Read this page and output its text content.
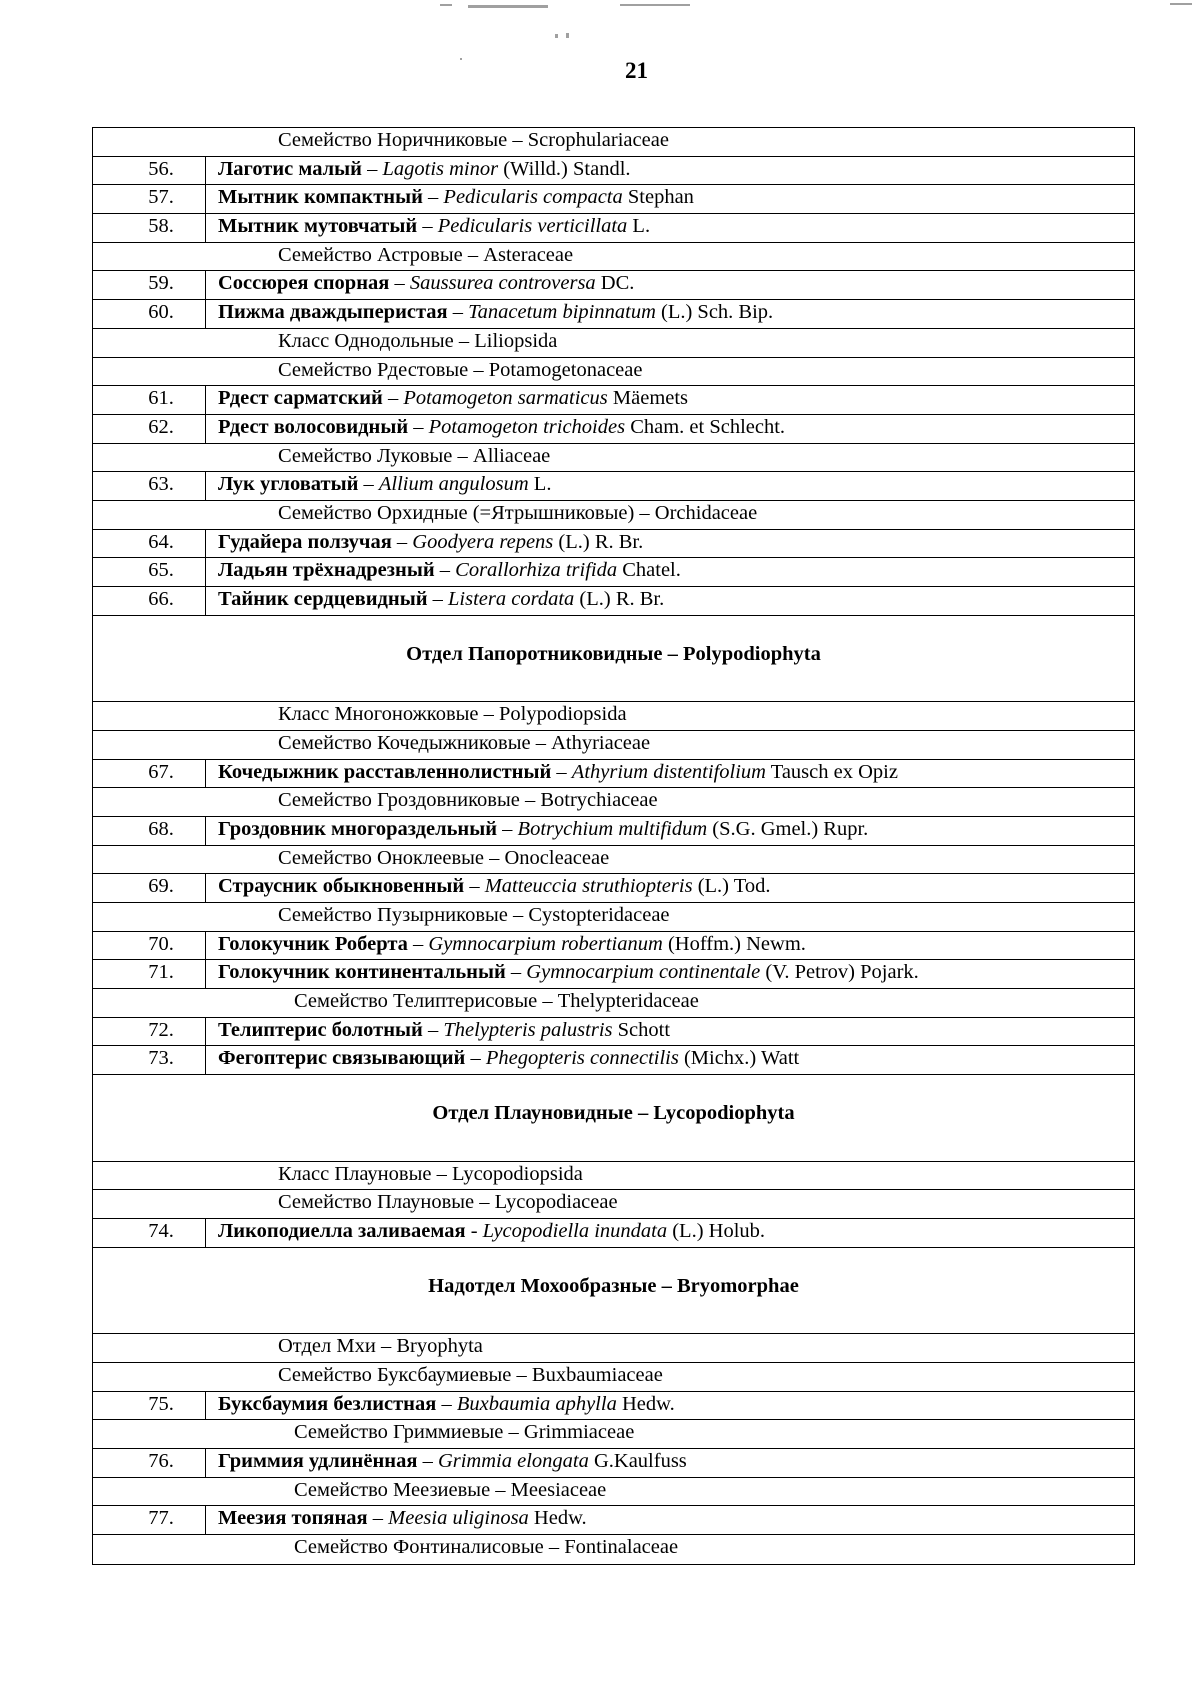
21
Семейство Норичниковые – Scrophulariaceae
56.	Лаготис малый – Lagotis minor (Willd.) Standl.
57.	Мытник компактный – Pedicularis compacta Stephan
58.	Мытник мутовчатый – Pedicularis verticillata L.
Семейство Астровые – Asteraceae
59.	Соссюрея спорная – Saussurea controversa DC.
60.	Пижма дваждыперистая – Tanacetum bipinnatum (L.) Sch. Bip.
Класс Однодольные – Liliopsida
Семейство Рдестовые – Potamogetonaceae
61.	Рдест сарматский – Potamogeton sarmaticus Mäemets
62.	Рдест волосовидный – Potamogeton trichoides Cham. et Schlecht.
Семейство Луковые – Alliaceae
63.	Лук угловатый – Allium angulosum L.
Семейство Орхидные (=Ятрышниковые) – Orchidaceae
64.	Гудайера ползучая – Goodyera repens (L.) R. Br.
65.	Ладьян трёхнадрезный – Corallorhiza trifida Chatel.
66.	Тайник сердцевидный – Listera cordata (L.) R. Br.
Отдел Папоротниковидные – Polypodiophyta
Класс Многоножковые – Polypodiopsida
Семейство Кочедыжниковые – Athyriaceae
67.	Кочедыжник расставленнолистный – Athyrium distentifolium Tausch ex Opiz
Семейство Гроздовниковые – Botrychiaceae
68.	Гроздовник многораздельный – Botrychium multifidum (S.G. Gmel.) Rupr.
Семейство Оноклеевые – Onocleaceae
69.	Страусник обыкновенный – Matteuccia struthiopteris (L.) Tod.
Семейство Пузырниковые – Cystopteridaceae
70.	Голокучник Роберта – Gymnocarpium robertianum (Hoffm.) Newm.
71.	Голокучник континентальный – Gymnocarpium continentale (V. Petrov) Pojark.
Семейство Телиптерисовые – Thelypteridaceae
72.	Телиптерис болотный – Thelypteris palustris Schott
73.	Фегоптерис связывающий – Phegopteris connectilis (Michx.) Watt
Отдел Плауновидные – Lycopodiophyta
Класс Плауновые – Lycopodiopsida
Семейство Плауновые – Lycopodiaceae
74.	Ликоподиелла заливаемая - Lycopodiella inundata (L.) Holub.
Надотдел Мохообразные – Bryomorphae
Отдел Мхи – Bryophyta
Семейство Буксбаумиевые – Buxbaumiaceae
75.	Буксбаумия безлистная – Buxbaumia aphylla Hedw.
Семейство Гриммиевые – Grimmiaceae
76.	Гриммия удлинённая – Grimmia elongata G.Kaulfuss
Семейство Меезиевые – Meesiaceae
77.	Меезия топяная – Meesia uliginosa Hedw.
Семейство Фонтиналисовые – Fontinalaceae
